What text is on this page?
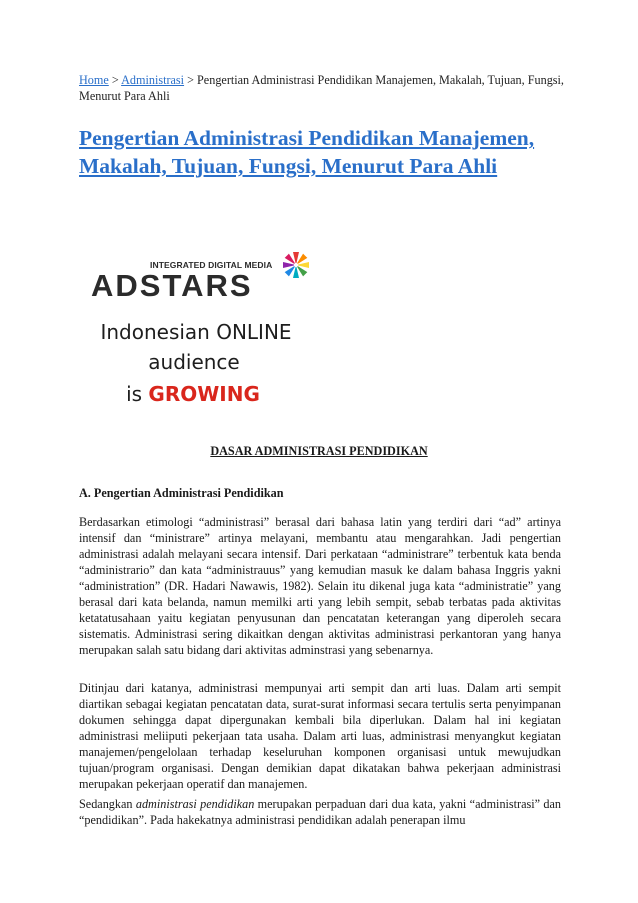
Home > Administrasi > Pengertian Administrasi Pendidikan Manajemen, Makalah, Tujuan, Fungsi, Menurut Para Ahli
Pengertian Administrasi Pendidikan Manajemen, Makalah, Tujuan, Fungsi, Menurut Para Ahli
INTEGRATED DIGITAL MEDIA
ADSTARS
Indonesian ONLINE
audience
is GROWING
DASAR ADMINISTRASI PENDIDIKAN
A. Pengertian Administrasi Pendidikan

Berdasarkan etimologi “administrasi” berasal dari bahasa latin yang terdiri dari “ad” artinya intensif dan “ministrare” artinya melayani, membantu atau mengarahkan. Jadi pengertian administrasi adalah melayani secara intensif. Dari perkataan “administrare” terbentuk kata benda “administrario” dan kata “administrauus” yang kemudian masuk ke dalam bahasa Inggris yakni “administration” (DR. Hadari Nawawis, 1982). Selain itu dikenal juga kata “administratie” yang berasal dari kata belanda, namun memilki arti yang lebih sempit, sebab terbatas pada aktivitas ketatatusahaan yaitu kegiatan penyusunan dan pencatatan keterangan yang diperoleh secara sistematis. Administrasi sering dikaitkan dengan aktivitas administrasi perkantoran yang hanya merupakan salah satu bidang dari aktivitas adminstrasi yang sebenarnya.

Ditinjau dari katanya, administrasi mempunyai arti sempit dan arti luas. Dalam arti sempit diartikan sebagai kegiatan pencatatan data, surat-surat informasi secara tertulis serta penyimpanan dokumen sehingga dapat dipergunakan kembali bila diperlukan. Dalam hal ini kegiatan administrasi meliiputi pekerjaan tata usaha. Dalam arti luas, administrasi menyangkut kegiatan manajemen/pengelolaan terhadap keseluruhan komponen organisasi untuk mewujudkan tujuan/program organisasi. Dengan demikian dapat dikatakan bahwa pekerjaan administrasi merupakan pekerjaan operatif dan manajemen.

Sedangkan administrasi pendidikan merupakan perpaduan dari dua kata, yakni “administrasi” dan “pendidikan”. Pada hakekatnya administrasi pendidikan adalah penerapan ilmu
